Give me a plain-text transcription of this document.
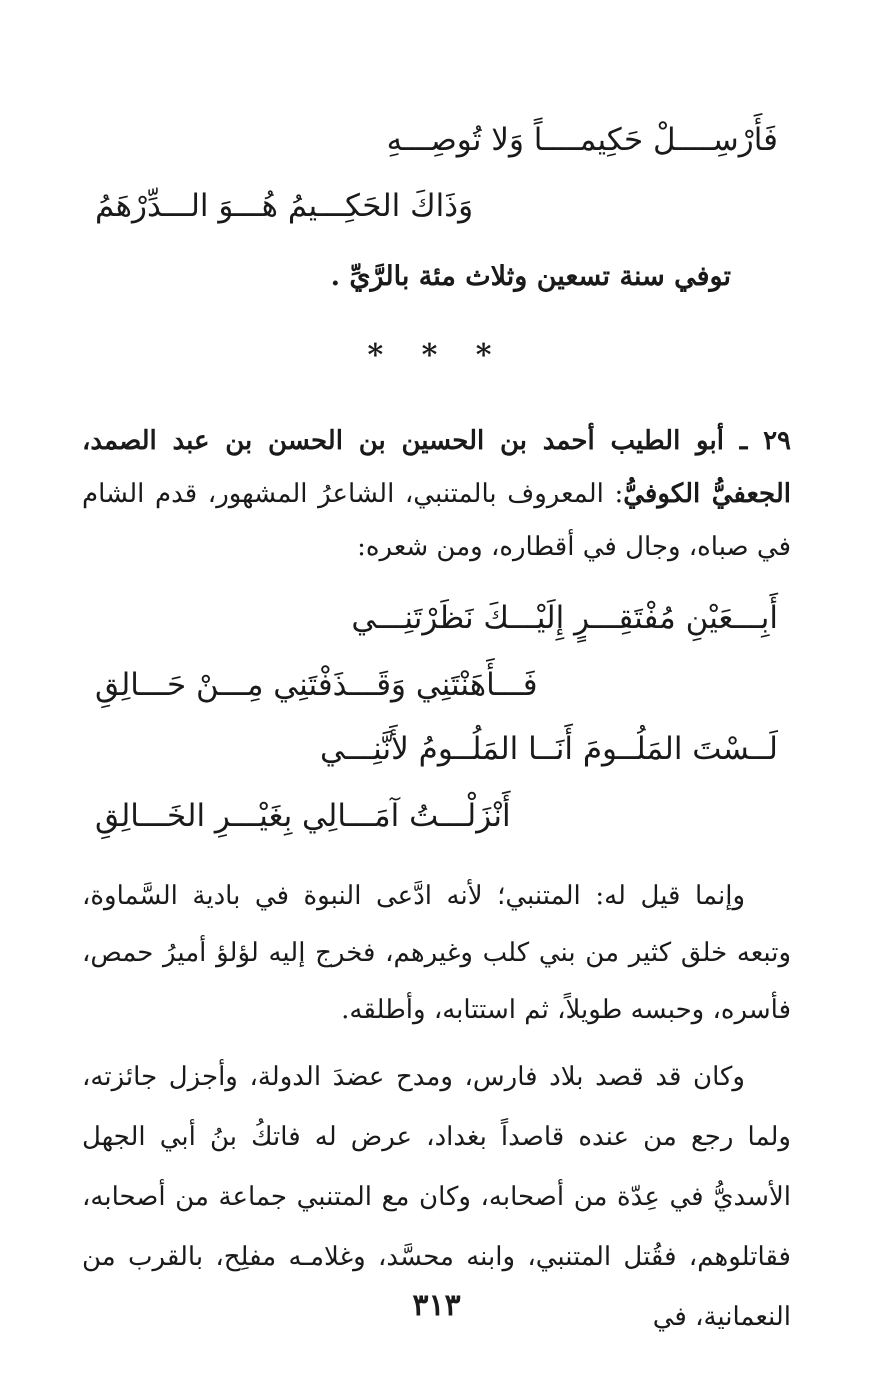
فَأَرْسِــــلْ حَكِيمــــاً وَلا تُوصِـــهِ
وَذَاكَ الحَكِـــيمُ هُـــوَ الـــدِّرْهَمُ
توفي سنة تسعين وثلاث مئة بالرَّيِّ .
* * *
٢٩ ـ أبو الطيب أحمد بن الحسين بن الحسن بن عبد الصمد، الجعفيُّ الكوفيُّ: المعروف بالمتنبي، الشاعرُ المشهور، قدم الشام في صباه، وجال في أقطاره، ومن شعره:
أَبِـــعَيْنِ مُفْتَقِـــرٍ إِلَيْـــكَ نَظَرْتَنِـــي
فَـــأَهَنْتَنِي وَقَـــذَفْتَنِي مِـــنْ حَـــالِقِ
لَــسْتَ المَلُــومَ أَنَــا المَلُــومُ لأَنَّنِـــي
أَنْزَلْـــتُ آمَـــالِي بِغَيْـــرِ الخَـــالِقِ
وإنما قيل له: المتنبي؛ لأنه ادَّعى النبوة في بادية السَّماوة، وتبعه خلق كثير من بني كلب وغيرهم، فخرج إليه لؤلؤ أميرُ حمص، فأسره، وحبسه طويلاً، ثم استتابه، وأطلقه.
وكان قد قصد بلاد فارس، ومدح عضدَ الدولة، وأجزل جائزته، ولما رجع من عنده قاصداً بغداد، عرض له فاتكُ بنُ أبي الجهل الأسديُّ في عِدّة من أصحابه، وكان مع المتنبي جماعة من أصحابه، فقاتلوهم، فقُتل المتنبي، وابنه محسَّد، وغلامـه مفلِح، بالقرب من النعمانية، في
٣١٣
